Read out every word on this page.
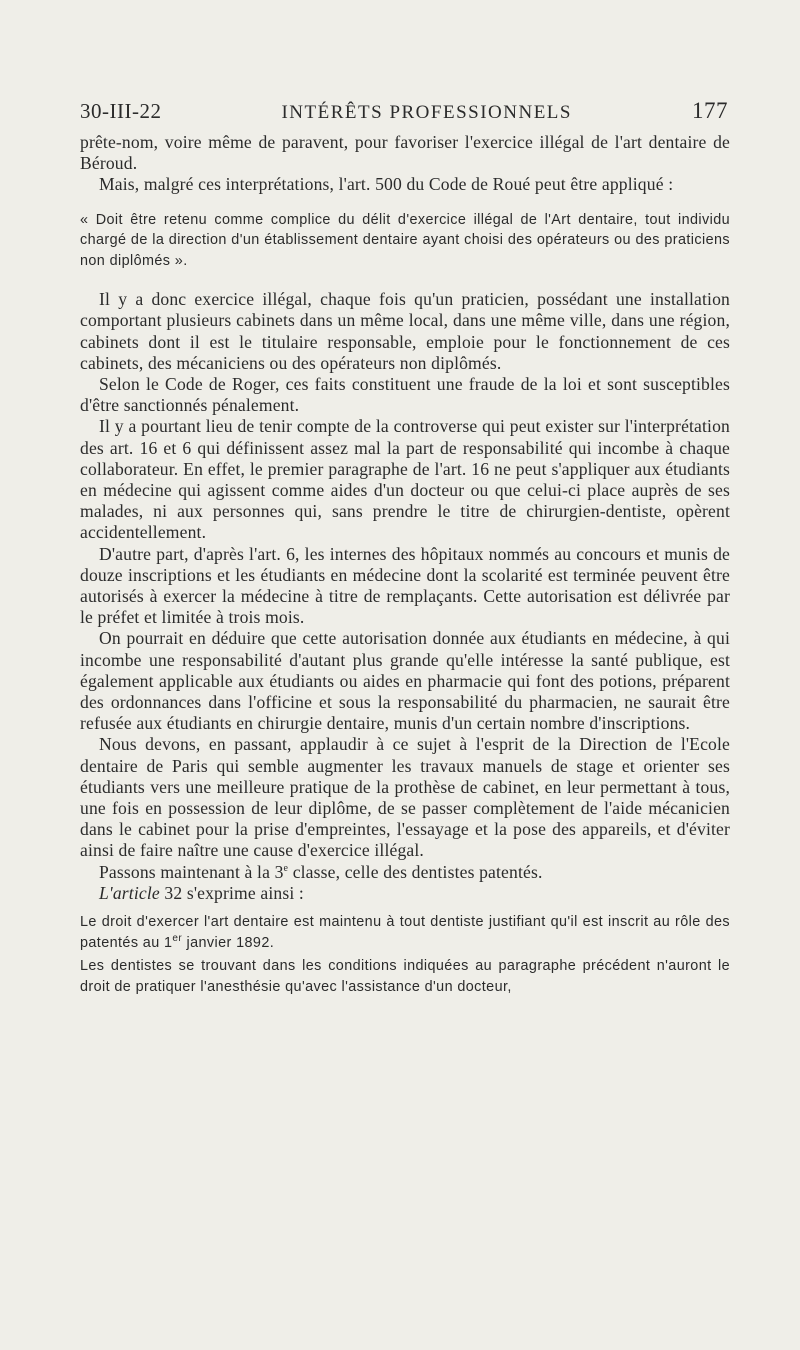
30-III-22	INTÉRÊTS PROFESSIONNELS	177

prête-nom, voire même de paravent, pour favoriser l'exercice illégal de l'art dentaire de Béroud.

Mais, malgré ces interprétations, l'art. 500 du Code de Roué peut être appliqué :

« Doit être retenu comme complice du délit d'exercice illégal de l'Art dentaire, tout individu chargé de la direction d'un établissement dentaire ayant choisi des opérateurs ou des praticiens non diplômés ».

Il y a donc exercice illégal, chaque fois qu'un praticien, possédant une installation comportant plusieurs cabinets dans un même local, dans une même ville, dans une région, cabinets dont il est le titulaire responsable, emploie pour le fonctionnement de ces cabinets, des mécaniciens ou des opérateurs non diplômés.

Selon le Code de Roger, ces faits constituent une fraude de la loi et sont susceptibles d'être sanctionnés pénalement.

Il y a pourtant lieu de tenir compte de la controverse qui peut exister sur l'interprétation des art. 16 et 6 qui définissent assez mal la part de responsabilité qui incombe à chaque collaborateur. En effet, le premier paragraphe de l'art. 16 ne peut s'appliquer aux étudiants en médecine qui agissent comme aides d'un docteur ou que celui-ci place auprès de ses malades, ni aux personnes qui, sans prendre le titre de chirurgien-dentiste, opèrent accidentellement.

D'autre part, d'après l'art. 6, les internes des hôpitaux nommés au concours et munis de douze inscriptions et les étudiants en médecine dont la scolarité est terminée peuvent être autorisés à exercer la médecine à titre de remplaçants. Cette autorisation est délivrée par le préfet et limitée à trois mois.

On pourrait en déduire que cette autorisation donnée aux étudiants en médecine, à qui incombe une responsabilité d'autant plus grande qu'elle intéresse la santé publique, est également applicable aux étudiants ou aides en pharmacie qui font des potions, préparent des ordonnances dans l'officine et sous la responsabilité du pharmacien, ne saurait être refusée aux étudiants en chirurgie dentaire, munis d'un certain nombre d'inscriptions.

Nous devons, en passant, applaudir à ce sujet à l'esprit de la Direction de l'Ecole dentaire de Paris qui semble augmenter les travaux manuels de stage et orienter ses étudiants vers une meilleure pratique de la prothèse de cabinet, en leur permettant à tous, une fois en possession de leur diplôme, de se passer complètement de l'aide mécanicien dans le cabinet pour la prise d'empreintes, l'essayage et la pose des appareils, et d'éviter ainsi de faire naître une cause d'exercice illégal.

Passons maintenant à la 3e classe, celle des dentistes patentés.

L'article 32 s'exprime ainsi :

Le droit d'exercer l'art dentaire est maintenu à tout dentiste justifiant qu'il est inscrit au rôle des patentés au 1er janvier 1892.

Les dentistes se trouvant dans les conditions indiquées au paragraphe précédent n'auront le droit de pratiquer l'anesthésie qu'avec l'assistance d'un docteur,
